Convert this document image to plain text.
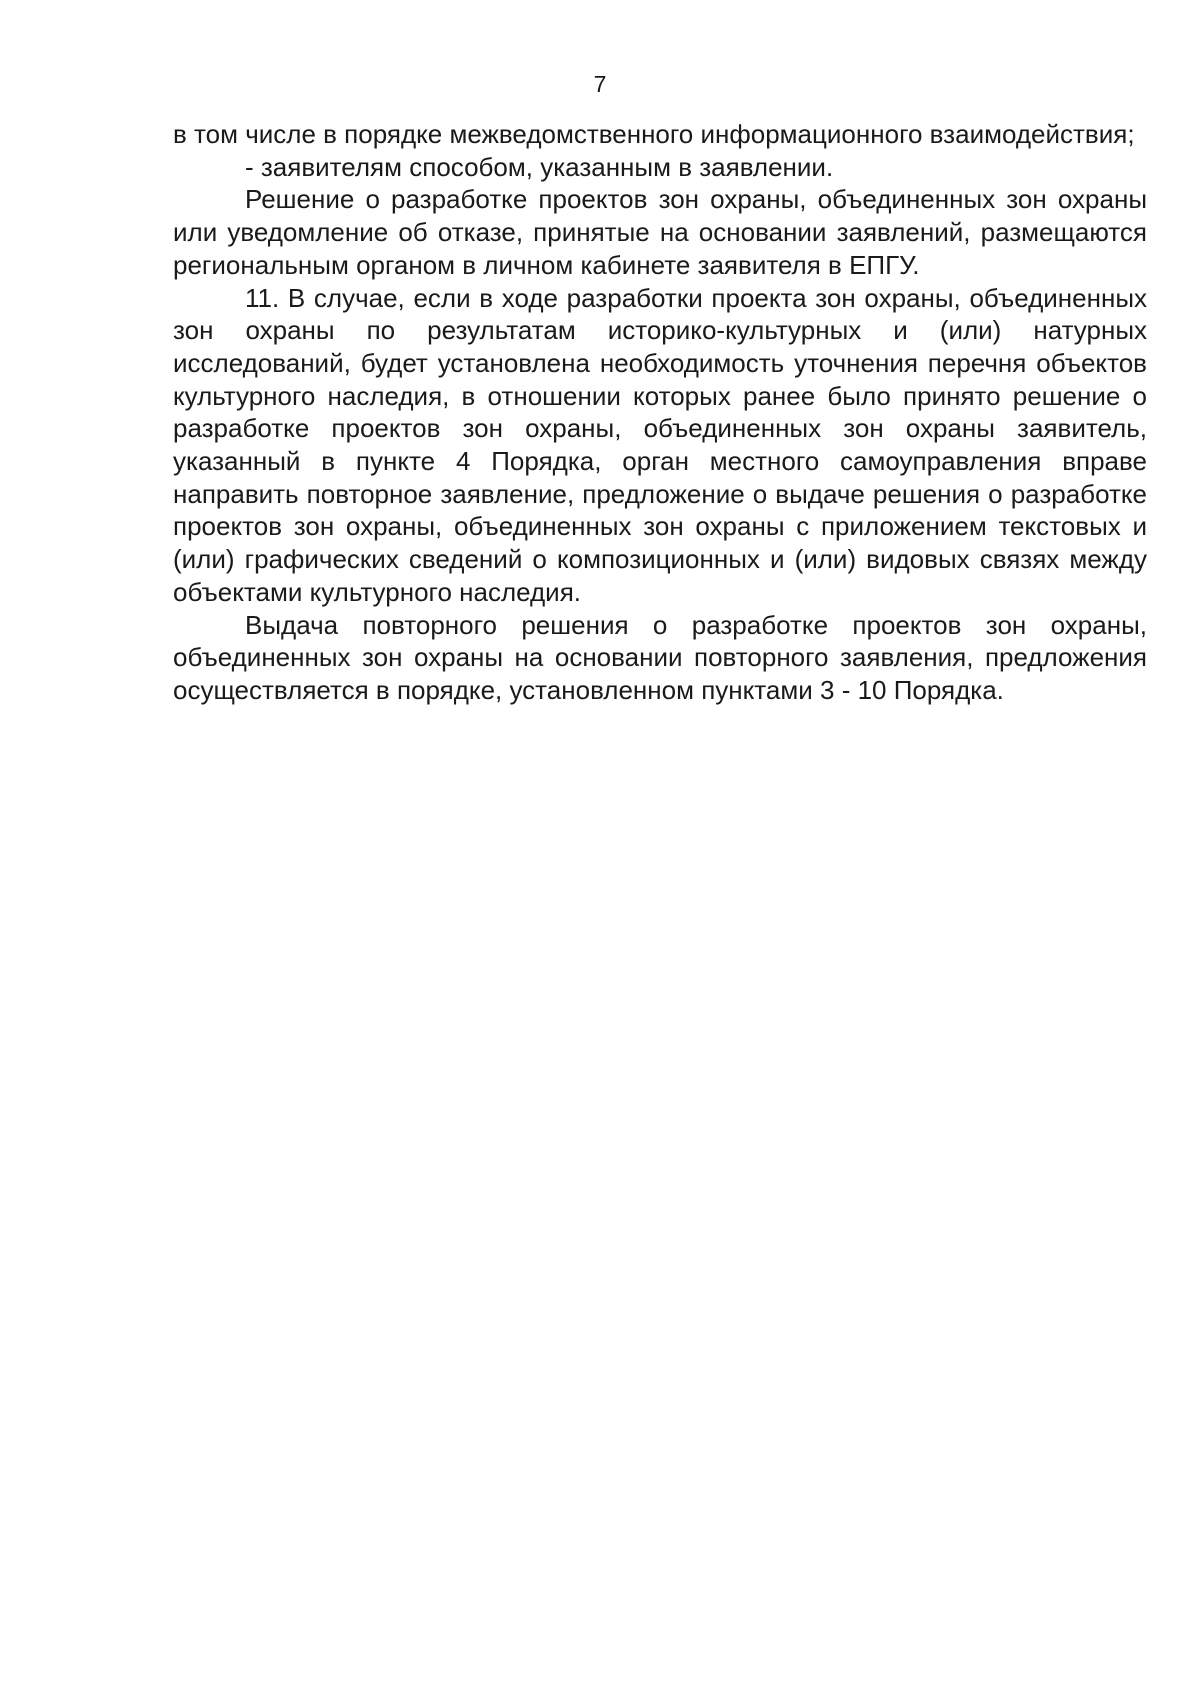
7

в том числе в порядке межведомственного информационного взаимодействия;

- заявителям способом, указанным в заявлении.

Решение о разработке проектов зон охраны, объединенных зон охраны или уведомление об отказе, принятые на основании заявлений, размещаются региональным органом в личном кабинете заявителя в ЕПГУ.

11. В случае, если в ходе разработки проекта зон охраны, объединенных зон охраны по результатам историко-культурных и (или) натурных исследований, будет установлена необходимость уточнения перечня объектов культурного наследия, в отношении которых ранее было принято решение о разработке проектов зон охраны, объединенных зон охраны заявитель, указанный в пункте 4 Порядка, орган местного самоуправления вправе направить повторное заявление, предложение о выдаче решения о разработке проектов зон охраны, объединенных зон охраны с приложением текстовых и (или) графических сведений о композиционных и (или) видовых связях между объектами культурного наследия.

Выдача повторного решения о разработке проектов зон охраны, объединенных зон охраны на основании повторного заявления, предложения осуществляется в порядке, установленном пунктами 3 - 10 Порядка.
